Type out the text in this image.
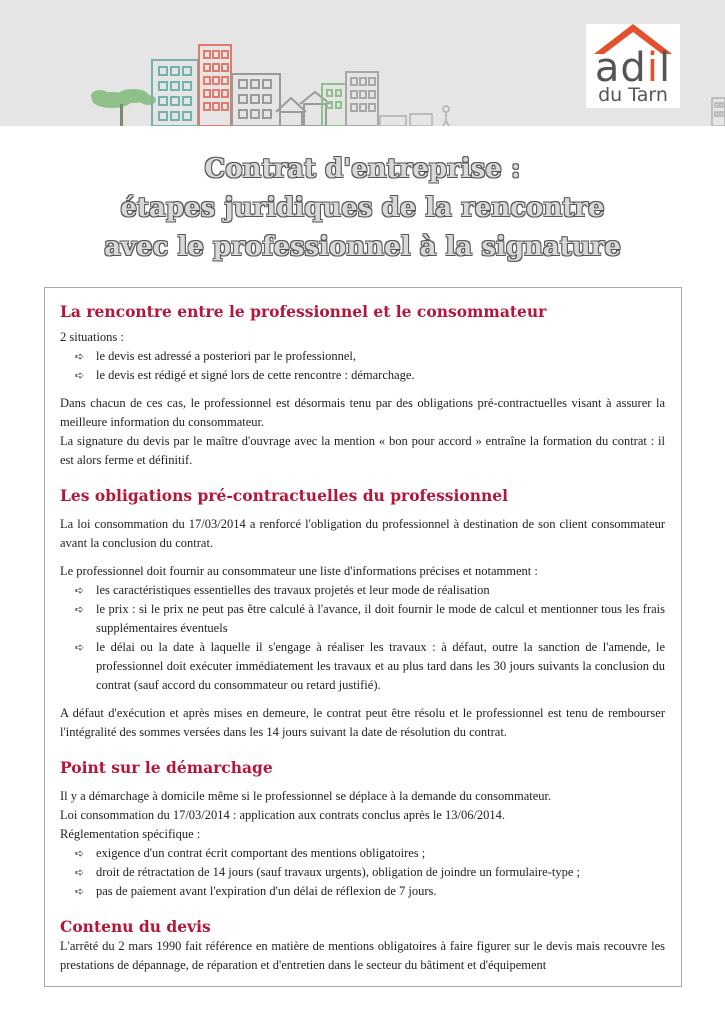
adil
du Tarn
Contrat d'entreprise :
étapes juridiques de la rencontre
avec le professionnel à la signature
La rencontre entre le professionnel et le consommateur

2 situations :

➪ le devis est adressé a posteriori par le professionnel,
➪ le devis est rédigé et signé lors de cette rencontre : démarchage.

Dans chacun de ces cas, le professionnel est désormais tenu par des obligations pré-contractuelles visant à assurer la meilleure information du consommateur.

La signature du devis par le maître d'ouvrage avec la mention « bon pour accord » entraîne la formation du contrat : il est alors ferme et définitif.

Les obligations pré-contractuelles du professionnel

La loi consommation du 17/03/2014 a renforcé l'obligation du professionnel à destination de son client consommateur avant la conclusion du contrat.

Le professionnel doit fournir au consommateur une liste d'informations précises et notamment :

➪ les caractéristiques essentielles des travaux projetés et leur mode de réalisation
➪ le prix : si le prix ne peut pas être calculé à l'avance, il doit fournir le mode de calcul et mentionner tous les frais supplémentaires éventuels
➪ le délai ou la date à laquelle il s'engage à réaliser les travaux : à défaut, outre la sanction de l'amende, le professionnel doit exécuter immédiatement les travaux et au plus tard dans les 30 jours suivants la conclusion du contrat (sauf accord du consommateur ou retard justifié).

A défaut d'exécution et après mises en demeure, le contrat peut être résolu et le professionnel est tenu de rembourser l'intégralité des sommes versées dans les 14 jours suivant la date de résolution du contrat.

Point sur le démarchage

Il y a démarchage à domicile même si le professionnel se déplace à la demande du consommateur.

Loi consommation du 17/03/2014 : application aux contrats conclus après le 13/06/2014.

Réglementation spécifique :

➪ exigence d'un contrat écrit comportant des mentions obligatoires ;
➪ droit de rétractation de 14 jours (sauf travaux urgents), obligation de joindre un formulaire-type ;
➪ pas de paiement avant l'expiration d'un délai de réflexion de 7 jours.
Contenu du devis

L'arrêté du 2 mars 1990 fait référence en matière de mentions obligatoires à faire figurer sur le devis mais recouvre les prestations de dépannage, de réparation et d'entretien dans le secteur du bâtiment et d'équipement
